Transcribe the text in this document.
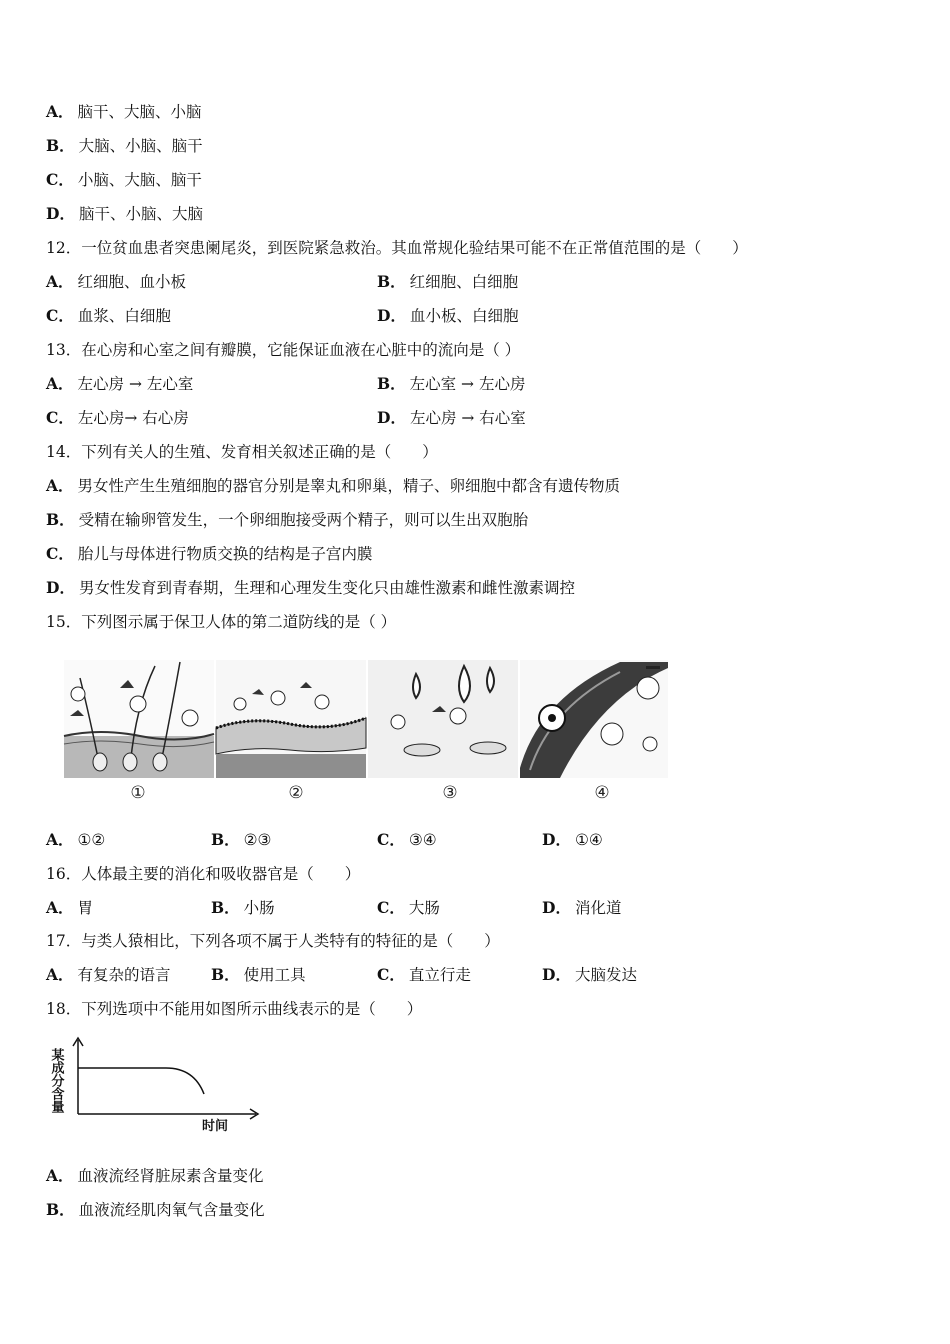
A． 脑干、大脑、小脑
B． 大脑、小脑、脑干
C． 小脑、大脑、脑干
D． 脑干、小脑、大脑
12．一位贫血患者突患阑尾炎，到医院紧急救治。其血常规化验结果可能不在正常值范围的是（　　）
A． 红细胞、血小板	B． 红细胞、白细胞
C． 血浆、白细胞	D． 血小板、白细胞
13．在心房和心室之间有瓣膜，它能保证血液在心脏中的流向是（ ）
A． 左心房 → 左心室	B． 左心室 → 左心房
C． 左心房→ 右心房	D． 左心房 → 右心室
14．下列有关人的生殖、发育相关叙述正确的是（　　）
A． 男女性产生生殖细胞的器官分别是睾丸和卵巢，精子、卵细胞中都含有遗传物质
B． 受精在输卵管发生，一个卵细胞接受两个精子，则可以生出双胞胎
C． 胎儿与母体进行物质交换的结构是子宫内膜
D． 男女性发育到青春期，生理和心理发生变化只由雄性激素和雌性激素调控
15．下列图示属于保卫人体的第二道防线的是（ ）
①	②	③	④
A． ①②	B． ②③	C． ③④	D． ①④
16．人体最主要的消化和吸收器官是（　　）
A． 胃	B． 小肠	C． 大肠	D． 消化道
17．与类人猿相比，下列各项不属于人类特有的特征的是（　　）
A． 有复杂的语言	B． 使用工具	C． 直立行走	D． 大脑发达
18．下列选项中不能用如图所示曲线表示的是（　　）
某成分含量
时间
A． 血液流经肾脏尿素含量变化
B． 血液流经肌肉氧气含量变化
